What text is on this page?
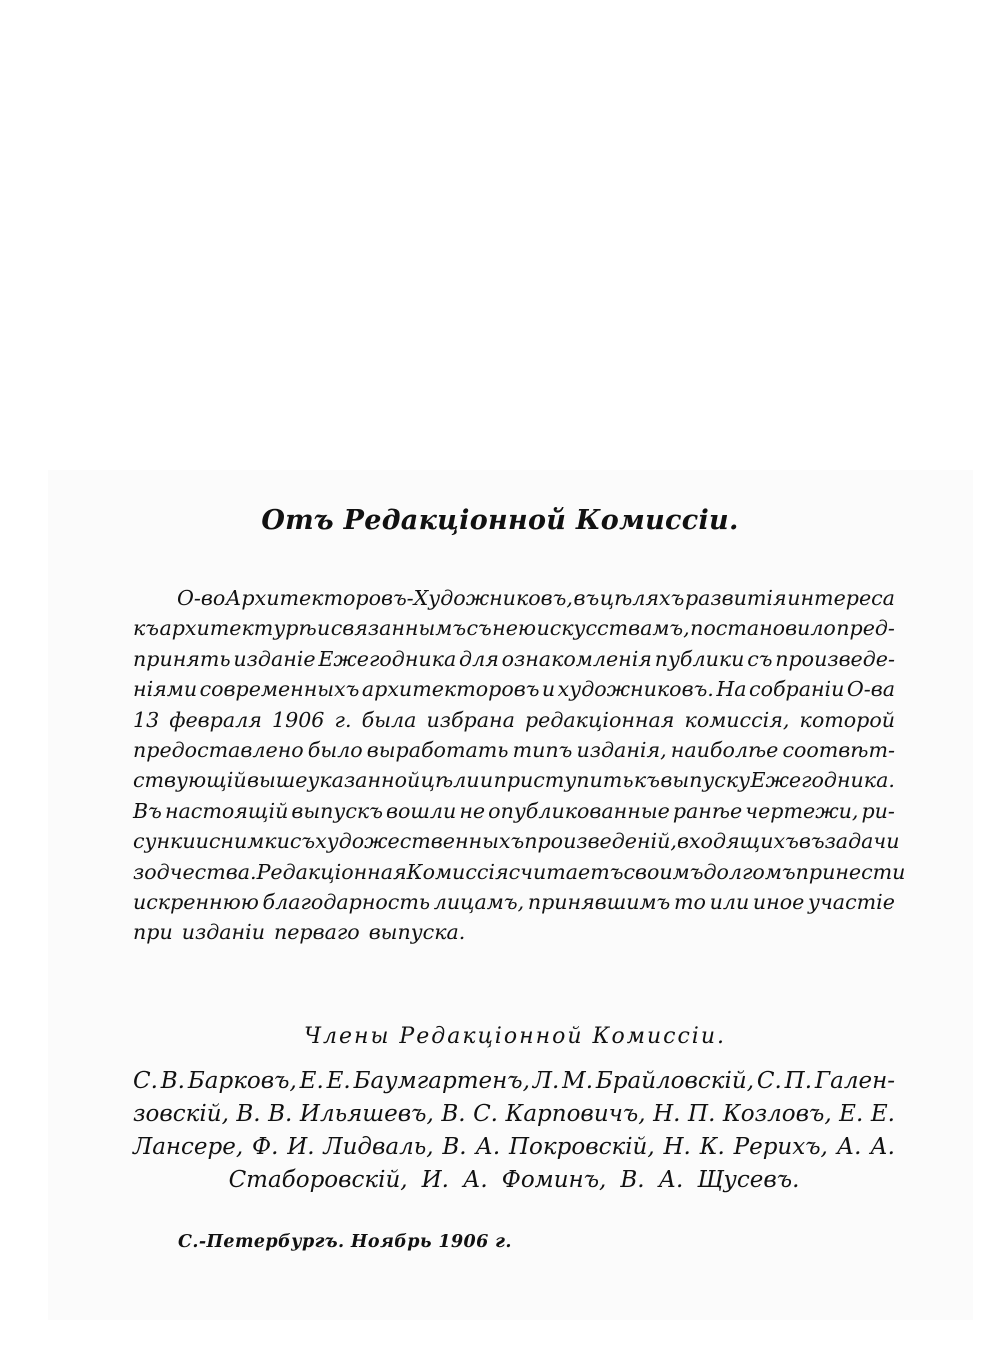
Отъ Редакціонной Комиссіи.
О-во Архитекторовъ-Художниковъ, въ цѣляхъ развитія интереса
къ архитектурѣ и связаннымъ съ нею искусствамъ, постановило пред-
принять изданіе Ежегодника для ознакомленія публики съ произведе-
ніями современныхъ архитекторовъ и художниковъ. На собраніи О-ва
13 февраля 1906 г. была избрана редакціонная комиссія, которой
предоставлено было выработать типъ изданія, наиболѣе соотвѣт-
ствующій вышеуказанной цѣли и приступить къ выпуску Ежегодника.
Въ настоящій выпускъ вошли не опубликованные ранѣе чертежи, ри-
сунки и снимки съ художественныхъ произведеній, входящихъ въ задачи
зодчества. Редакціонная Комиссія считаетъ своимъ долгомъ принести
искреннюю благодарность лицамъ, принявшимъ то или иное участіе
при изданіи перваго выпуска.
Члены Редакціонной Комиссіи.
С. В. Барковъ, Е. Е. Баумгартенъ, Л. М. Брайловскій, С. П. Гален-
зовскій, В. В. Ильяшевъ, В. С. Карповичъ, Н. П. Козловъ, Е. Е.
Лансере, Ф. И. Лидваль, В. А. Покровскій, Н. К. Рерихъ, А. А.
Стаборовскій, И. А. Фоминъ, В. А. Щусевъ.
С.-Петербургъ. Ноябрь 1906 г.
